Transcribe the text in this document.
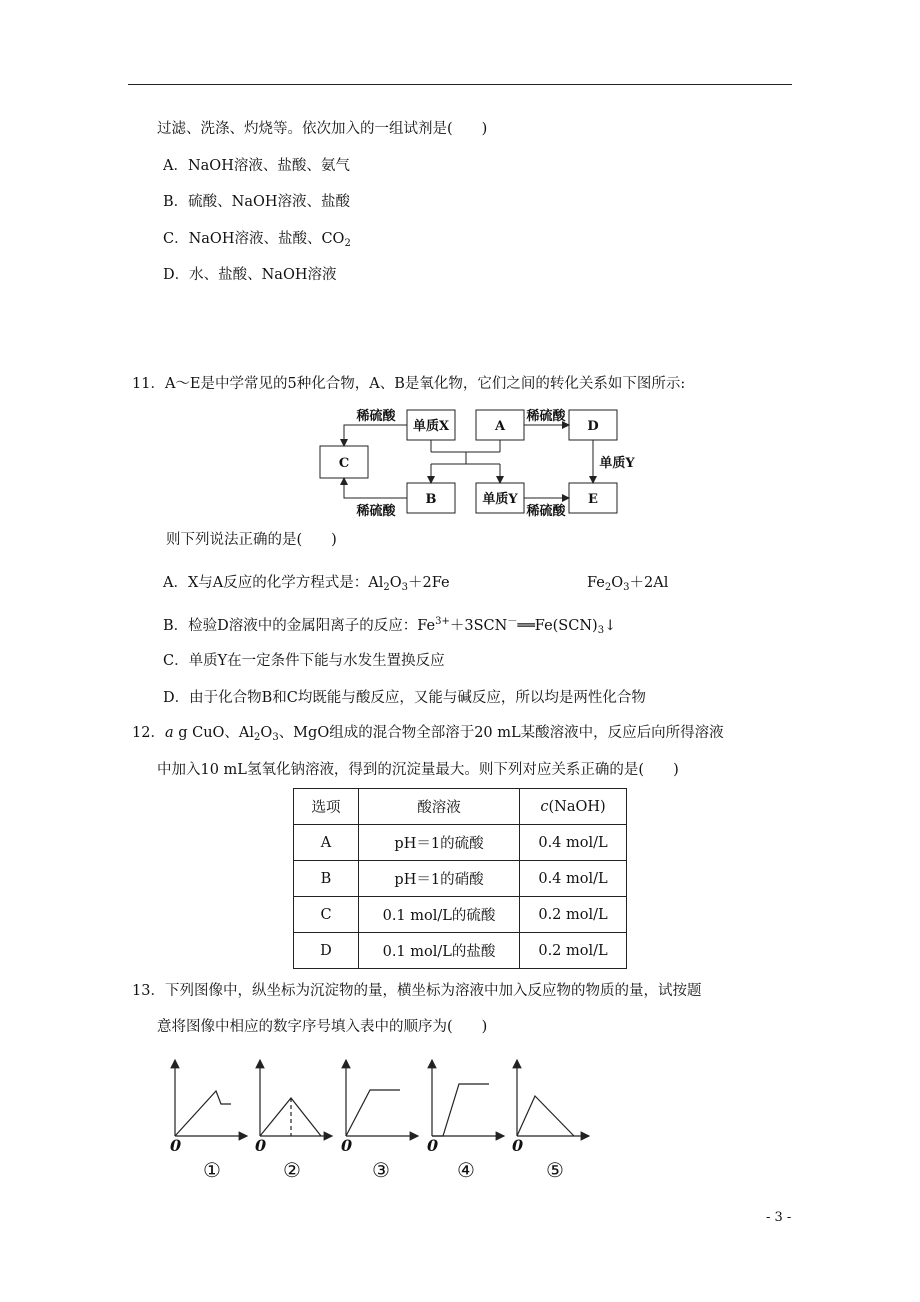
过滤、洗涤、灼烧等。依次加入的一组试剂是(　　)
A．NaOH溶液、盐酸、氨气
B．硫酸、NaOH溶液、盐酸
C．NaOH溶液、盐酸、$CO_2$
D．水、盐酸、NaOH溶液
11．A～E是中学常见的5种化合物，A、B是氧化物，它们之间的转化关系如下图所示:
单质X	A	D
C
B	单质Y	E
稀硫酸	稀硫酸
稀硫酸	稀硫酸
单质Y
则下列说法正确的是(　　)
A．X与A反应的化学方程式是：$Al_2O_3+2Fe$	$Fe_2O_3+2Al$
B．检验D溶液中的金属阳离子的反应：$Fe^{3+}+3SCN^-══Fe(SCN)_3↓$
C．单质Y在一定条件下能与水发生置换反应
D．由于化合物B和C均既能与酸反应，又能与碱反应，所以均是两性化合物
12．a g CuO、$Al_2O_3$、MgO组成的混合物全部溶于20 mL某酸溶液中，反应后向所得溶液
中加入10 mL氢氧化钠溶液，得到的沉淀量最大。则下列对应关系正确的是(　　)
选项	酸溶液	c(NaOH)
A	pH＝1的硫酸	0.4 mol/L
B	pH＝1的硝酸	0.4 mol/L
C	0.1 mol/L的硫酸	0.2 mol/L
D	0.1 mol/L的盐酸	0.2 mol/L
13．下列图像中，纵坐标为沉淀物的量，横坐标为溶液中加入反应物的物质的量，试按题
意将图像中相应的数字序号填入表中的顺序为(　　)
0	0	0	0	0
①	②	③	④	⑤
- 3 -
